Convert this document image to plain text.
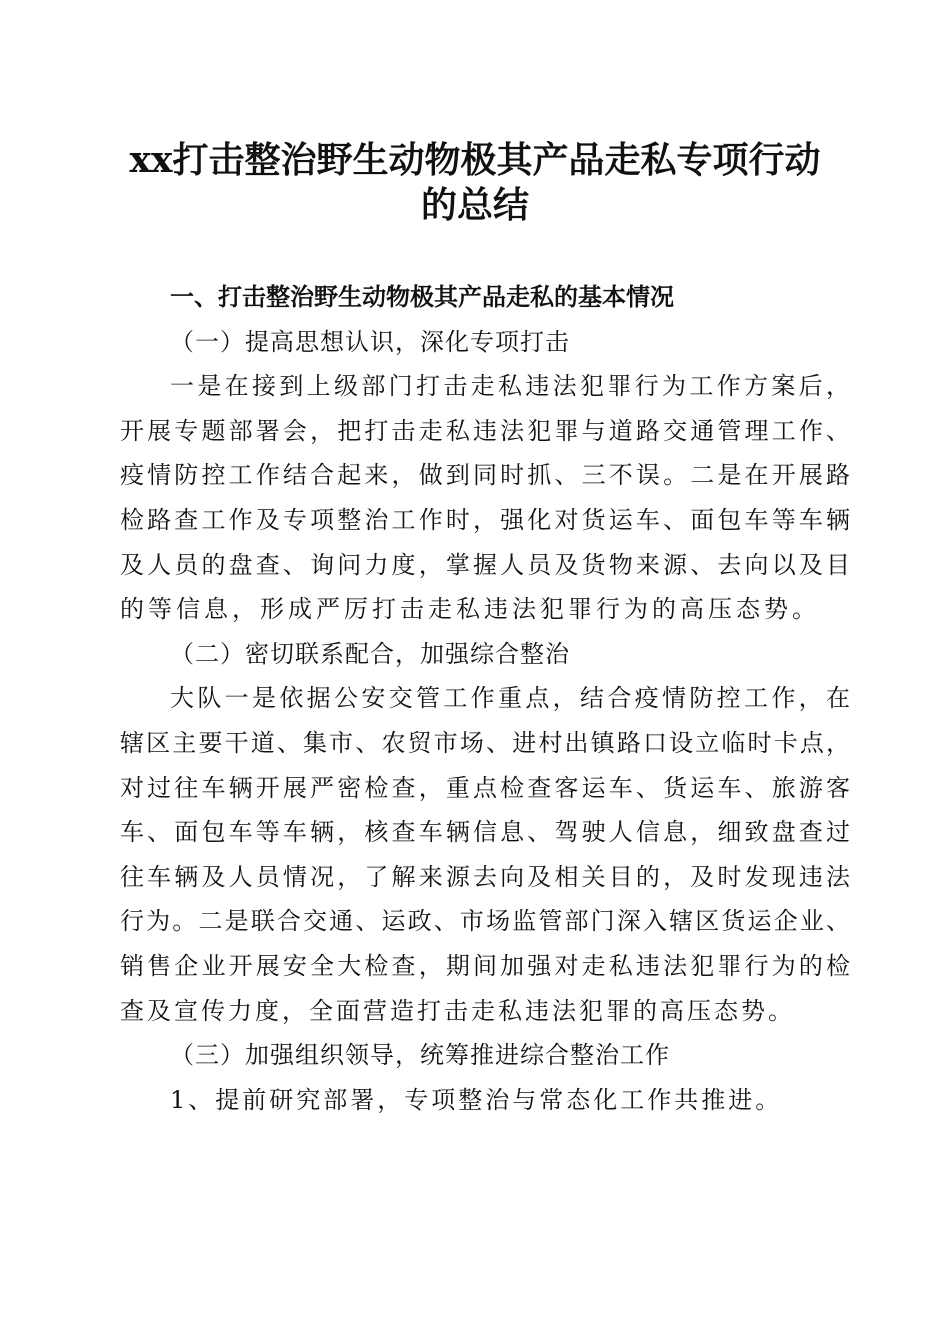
xx打击整治野生动物极其产品走私专项行动
的总结
一、打击整治野生动物极其产品走私的基本情况
（一）提高思想认识，深化专项打击
一是在接到上级部门打击走私违法犯罪行为工作方案后，
开展专题部署会，把打击走私违法犯罪与道路交通管理工作、
疫情防控工作结合起来，做到同时抓、三不误。二是在开展路
检路查工作及专项整治工作时，强化对货运车、面包车等车辆
及人员的盘查、询问力度，掌握人员及货物来源、去向以及目
的等信息，形成严厉打击走私违法犯罪行为的高压态势。
（二）密切联系配合，加强综合整治
大队一是依据公安交管工作重点，结合疫情防控工作，在
辖区主要干道、集市、农贸市场、进村出镇路口设立临时卡点，
对过往车辆开展严密检查，重点检查客运车、货运车、旅游客
车、面包车等车辆，核查车辆信息、驾驶人信息，细致盘查过
往车辆及人员情况，了解来源去向及相关目的，及时发现违法
行为。二是联合交通、运政、市场监管部门深入辖区货运企业、
销售企业开展安全大检查，期间加强对走私违法犯罪行为的检
查及宣传力度，全面营造打击走私违法犯罪的高压态势。
（三）加强组织领导，统筹推进综合整治工作
1、提前研究部署，专项整治与常态化工作共推进。
